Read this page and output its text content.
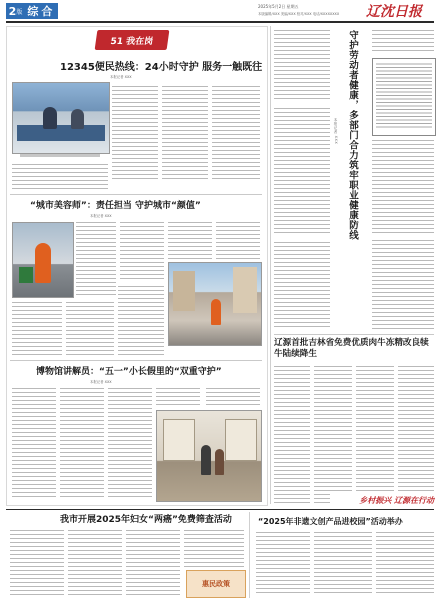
2 版 综合	2025年5月2日 星期五
本版编辑/XXX 美编/XXX 校对/XXX 电话/XXXXXXXX 辽沈日报
51 我在岗
12345便民热线：24小时守护 服务一触既往
本报记者 XXX
“城市美容师”：责任担当 守护城市“颜值”
本报记者 XXX
博物馆讲解员：“五一”小长假里的“双重守护”
本报记者 XXX
守护劳动者健康，多部门合力筑牢职业健康防线
本报记者 XXX
辽源首批吉林省免费优质肉牛冻精改良犊牛陆续降生
乡村振兴 辽源在行动
我市开展2025年妇女“两癌”免费筛查活动
惠民政策
“2025年非遗文创产品进校园”活动举办
